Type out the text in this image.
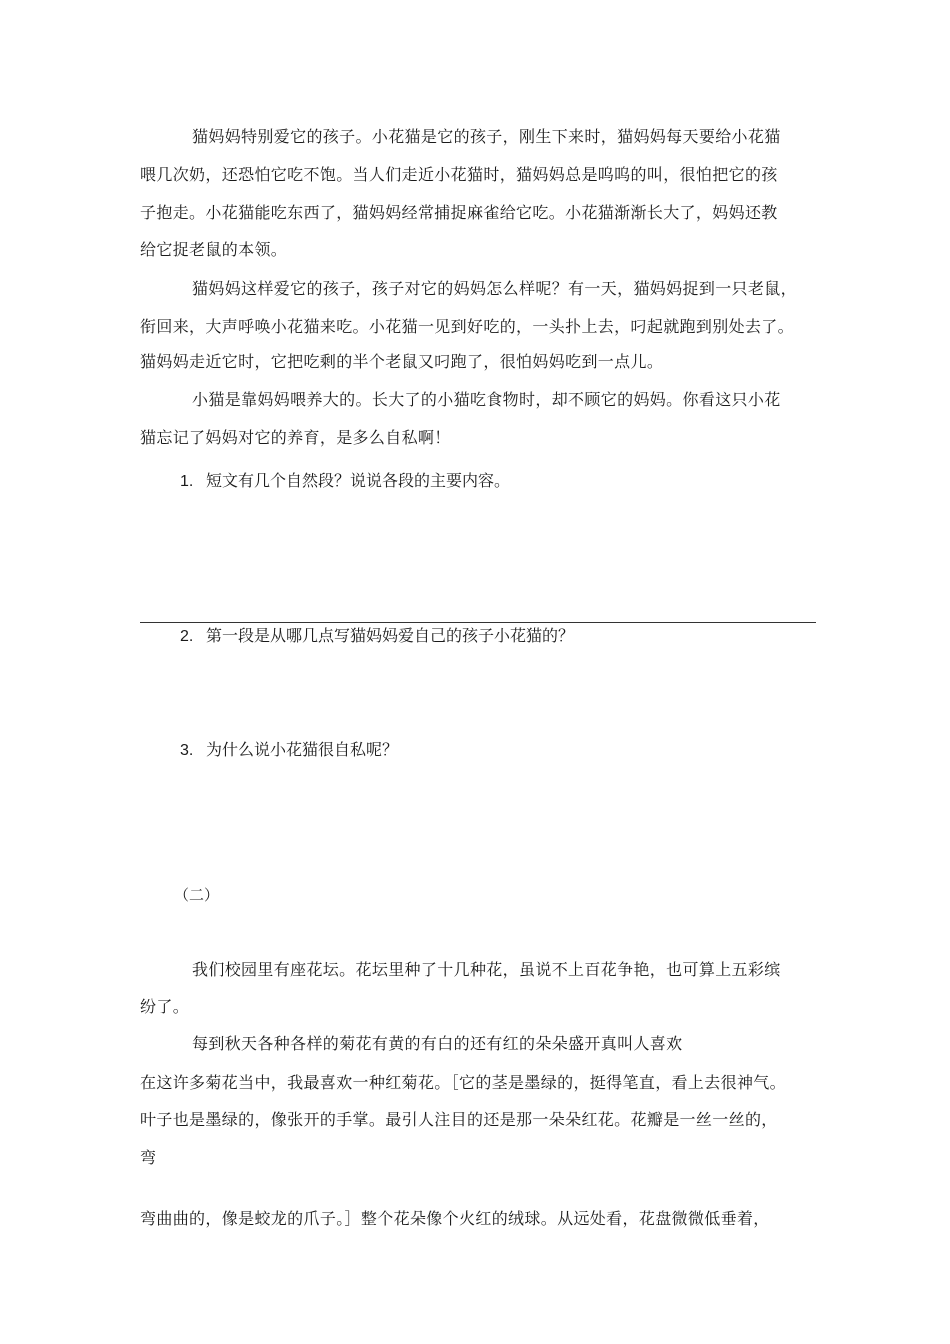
猫妈妈特别爱它的孩子。小花猫是它的孩子，刚生下来时，猫妈妈每天要给小花猫
喂几次奶，还恐怕它吃不饱。当人们走近小花猫时，猫妈妈总是呜呜的叫，很怕把它的孩
子抱走。小花猫能吃东西了，猫妈妈经常捕捉麻雀给它吃。小花猫渐渐长大了，妈妈还教
给它捉老鼠的本领。
猫妈妈这样爱它的孩子，孩子对它的妈妈怎么样呢？有一天，猫妈妈捉到一只老鼠，
衔回来，大声呼唤小花猫来吃。小花猫一见到好吃的，一头扑上去，叼起就跑到别处去了。
猫妈妈走近它时，它把吃剩的半个老鼠又叼跑了，很怕妈妈吃到一点儿。
小猫是靠妈妈喂养大的。长大了的小猫吃食物时，却不顾它的妈妈。你看这只小花
猫忘记了妈妈对它的养育，是多么自私啊！
1. 短文有几个自然段？说说各段的主要内容。
2. 第一段是从哪几点写猫妈妈爱自己的孩子小花猫的？
3. 为什么说小花猫很自私呢？
（二）
我们校园里有座花坛。花坛里种了十几种花，虽说不上百花争艳，也可算上五彩缤
纷了。
每到秋天各种各样的菊花有黄的有白的还有红的朵朵盛开真叫人喜欢
在这许多菊花当中，我最喜欢一种红菊花。［它的茎是墨绿的，挺得笔直，看上去很神气。
叶子也是墨绿的，像张开的手掌。最引人注目的还是那一朵朵红花。花瓣是一丝一丝的，
弯
弯曲曲的，像是蛟龙的爪子。］整个花朵像个火红的绒球。从远处看，花盘微微低垂着，
